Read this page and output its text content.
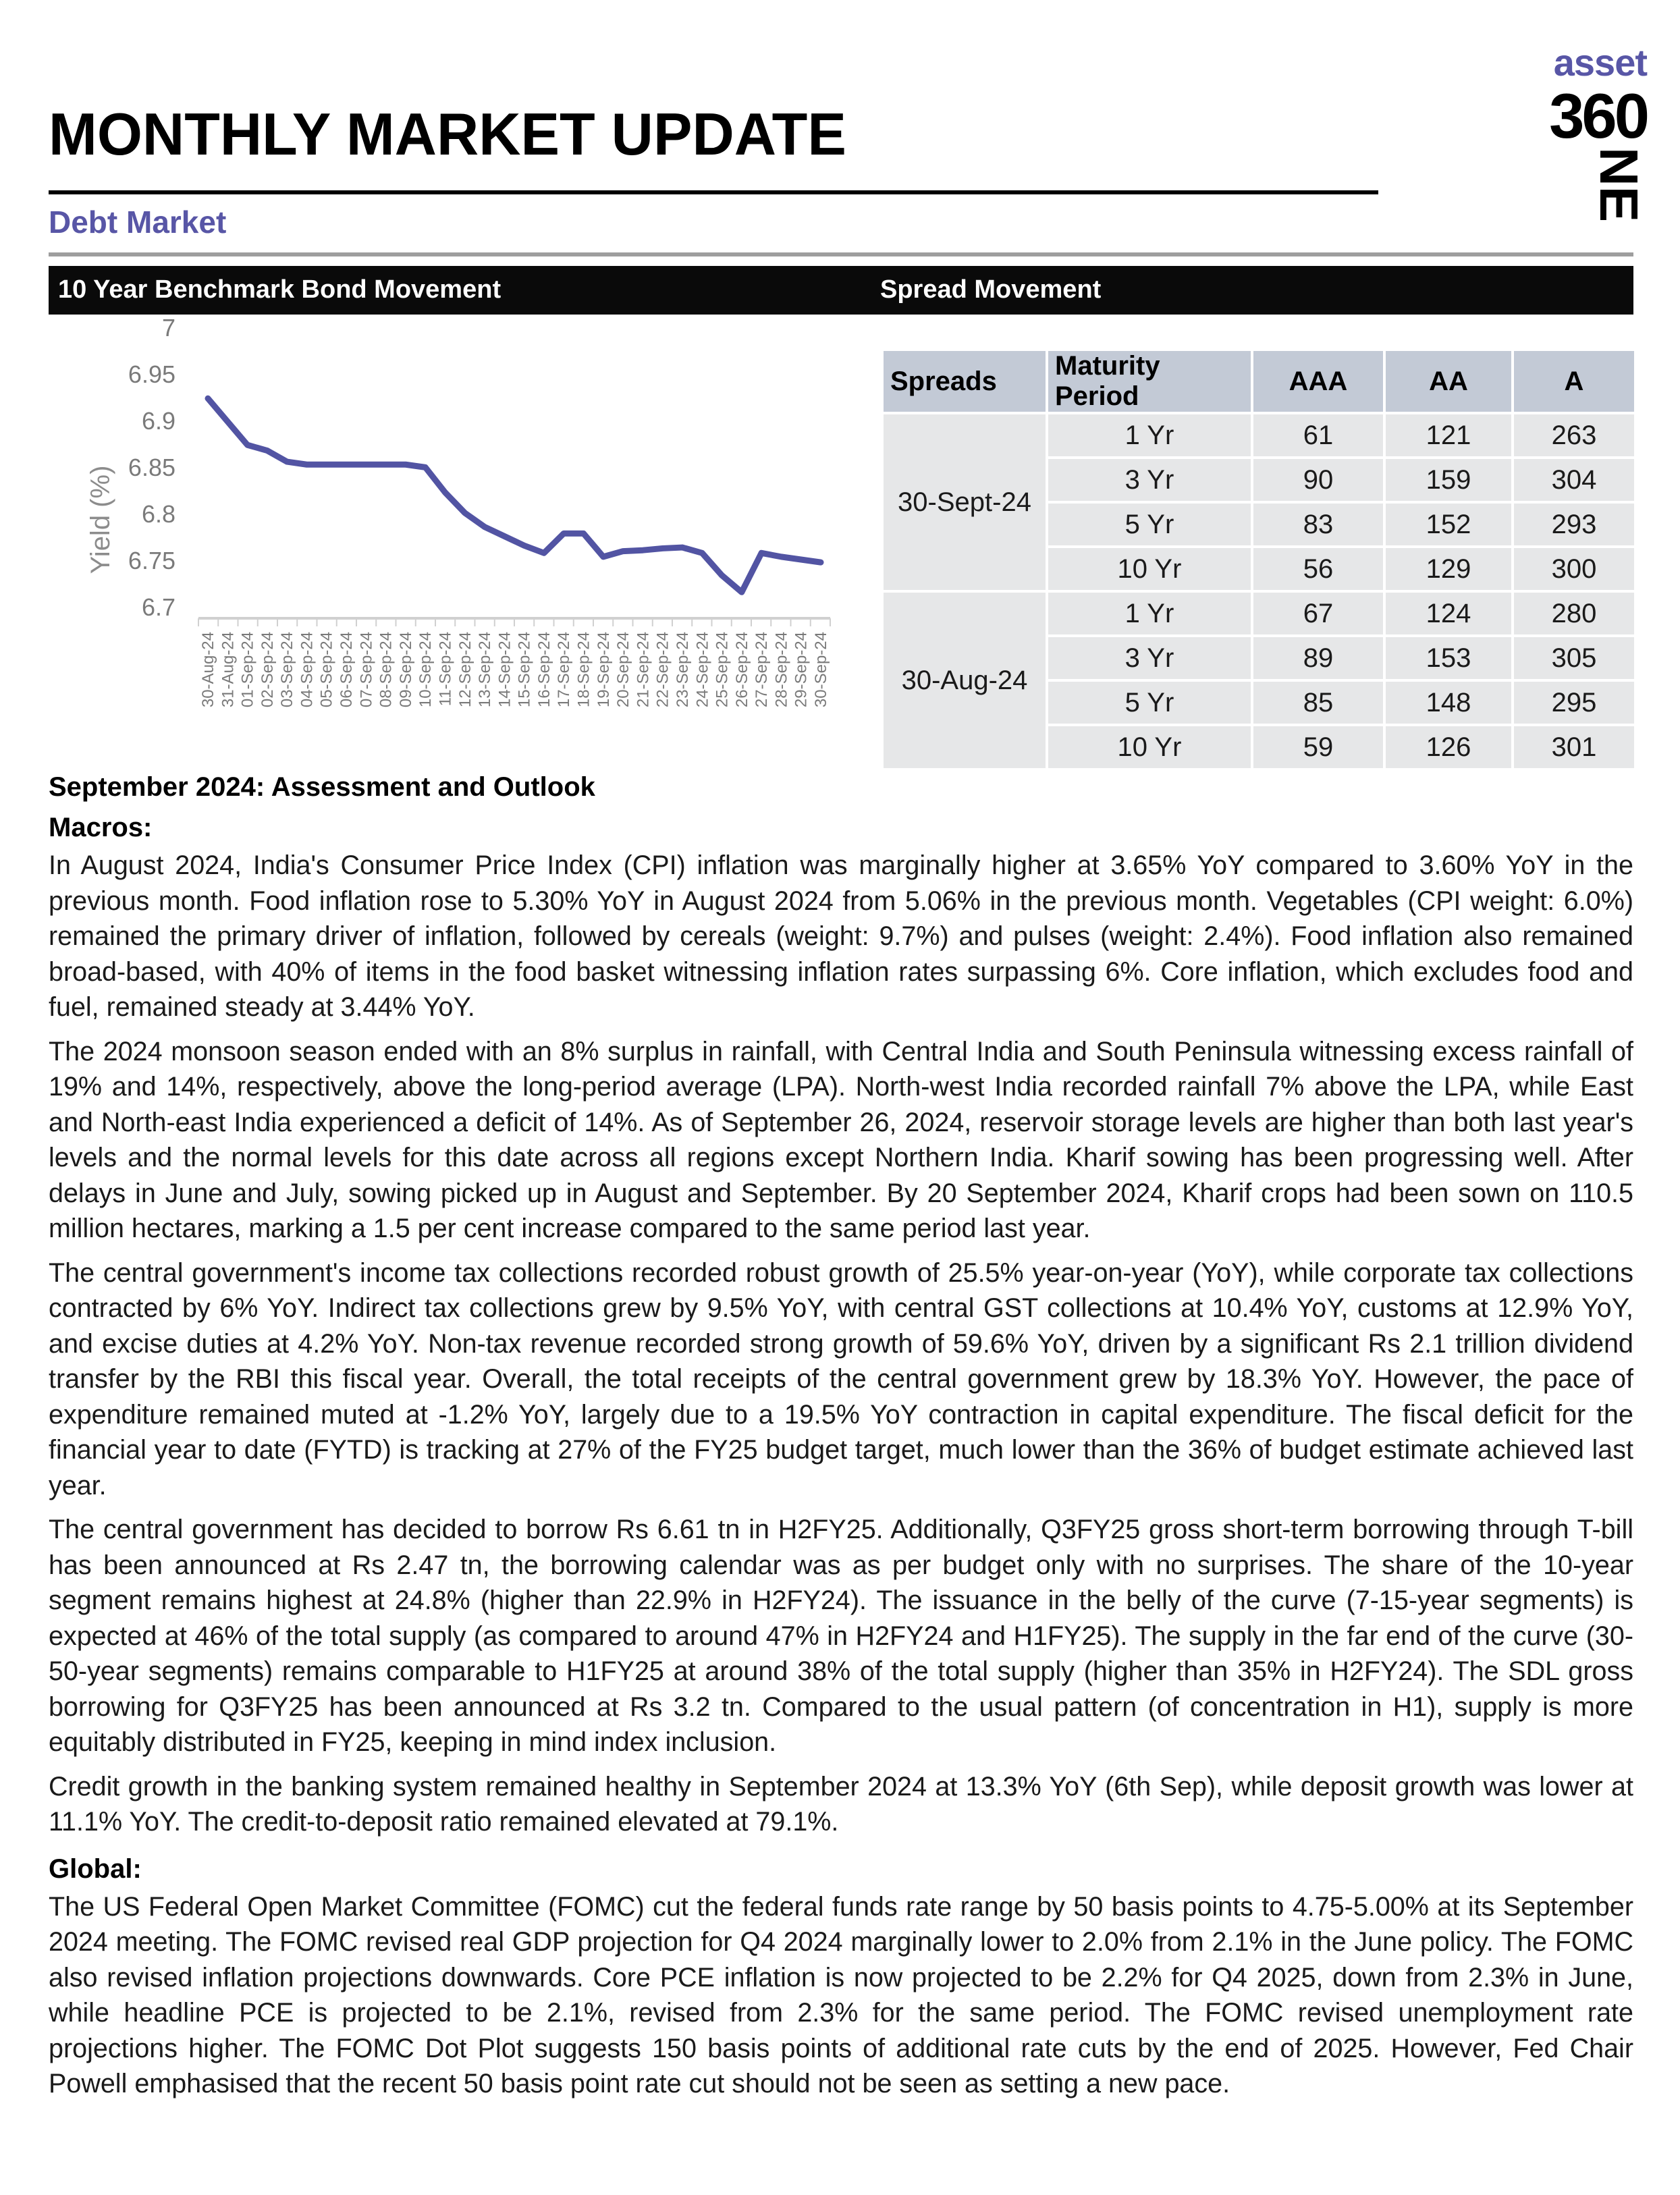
MONTHLY MARKET UPDATE
Debt Market
asset
360
NE
10 Year Benchmark Bond Movement	Spread Movement
Yield (%)
7
6.95
6.9
6.85
6.8
6.75
6.7
30-Aug-24 31-Aug-24 01-Sep-24 02-Sep-24 03-Sep-24 04-Sep-24 05-Sep-24 06-Sep-24 07-Sep-24 08-Sep-24 09-Sep-24 10-Sep-24 11-Sep-24 12-Sep-24 13-Sep-24 14-Sep-24 15-Sep-24 16-Sep-24 17-Sep-24 18-Sep-24 19-Sep-24 20-Sep-24 21-Sep-24 22-Sep-24 23-Sep-24 24-Sep-24 25-Sep-24 26-Sep-24 27-Sep-24 28-Sep-24 29-Sep-24 30-Sep-24
Spreads	Maturity Period	AAA	AA	A
30-Sept-24	1 Yr	61	121	263
	3 Yr	90	159	304
	5 Yr	83	152	293
	10 Yr	56	129	300
30-Aug-24	1 Yr	67	124	280
	3 Yr	89	153	305
	5 Yr	85	148	295
	10 Yr	59	126	301
September 2024: Assessment and Outlook
Macros:

In August 2024, India's Consumer Price Index (CPI) inflation was marginally higher at 3.65% YoY compared to 3.60% YoY in the previous month. Food inflation rose to 5.30% YoY in August 2024 from 5.06% in the previous month. Vegetables (CPI weight: 6.0%) remained the primary driver of inflation, followed by cereals (weight: 9.7%) and pulses (weight: 2.4%). Food inflation also remained broad-based, with 40% of items in the food basket witnessing inflation rates surpassing 6%. Core inflation, which excludes food and fuel, remained steady at 3.44% YoY.

The 2024 monsoon season ended with an 8% surplus in rainfall, with Central India and South Peninsula witnessing excess rainfall of 19% and 14%, respectively, above the long-period average (LPA). North-west India recorded rainfall 7% above the LPA, while East and North-east India experienced a deficit of 14%. As of September 26, 2024, reservoir storage levels are higher than both last year's levels and the normal levels for this date across all regions except Northern India. Kharif sowing has been progressing well. After delays in June and July, sowing picked up in August and September. By 20 September 2024, Kharif crops had been sown on 110.5 million hectares, marking a 1.5 per cent increase compared to the same period last year.

The central government's income tax collections recorded robust growth of 25.5% year-on-year (YoY), while corporate tax collections contracted by 6% YoY. Indirect tax collections grew by 9.5% YoY, with central GST collections at 10.4% YoY, customs at 12.9% YoY, and excise duties at 4.2% YoY. Non-tax revenue recorded strong growth of 59.6% YoY, driven by a significant Rs 2.1 trillion dividend transfer by the RBI this fiscal year. Overall, the total receipts of the central government grew by 18.3% YoY. However, the pace of expenditure remained muted at -1.2% YoY, largely due to a 19.5% YoY contraction in capital expenditure. The fiscal deficit for the financial year to date (FYTD) is tracking at 27% of the FY25 budget target, much lower than the 36% of budget estimate achieved last year.

The central government has decided to borrow Rs 6.61 tn in H2FY25. Additionally, Q3FY25 gross short-term borrowing through T-bill has been announced at Rs 2.47 tn, the borrowing calendar was as per budget only with no surprises. The share of the 10-year segment remains highest at 24.8% (higher than 22.9% in H2FY24). The issuance in the belly of the curve (7-15-year segments) is expected at 46% of the total supply (as compared to around 47% in H2FY24 and H1FY25). The supply in the far end of the curve (30-50-year segments) remains comparable to H1FY25 at around 38% of the total supply (higher than 35% in H2FY24). The SDL gross borrowing for Q3FY25 has been announced at Rs 3.2 tn. Compared to the usual pattern (of concentration in H1), supply is more equitably distributed in FY25, keeping in mind index inclusion.

Credit growth in the banking system remained healthy in September 2024 at 13.3% YoY (6th Sep), while deposit growth was lower at 11.1% YoY. The credit-to-deposit ratio remained elevated at 79.1%.

Global:

The US Federal Open Market Committee (FOMC) cut the federal funds rate range by 50 basis points to 4.75-5.00% at its September 2024 meeting. The FOMC revised real GDP projection for Q4 2024 marginally lower to 2.0% from 2.1% in the June policy. The FOMC also revised inflation projections downwards. Core PCE inflation is now projected to be 2.2% for Q4 2025, down from 2.3% in June, while headline PCE is projected to be 2.1%, revised from 2.3% for the same period. The FOMC revised unemployment rate projections higher. The FOMC Dot Plot suggests 150 basis points of additional rate cuts by the end of 2025. However, Fed Chair Powell emphasised that the recent 50 basis point rate cut should not be seen as setting a new pace.
